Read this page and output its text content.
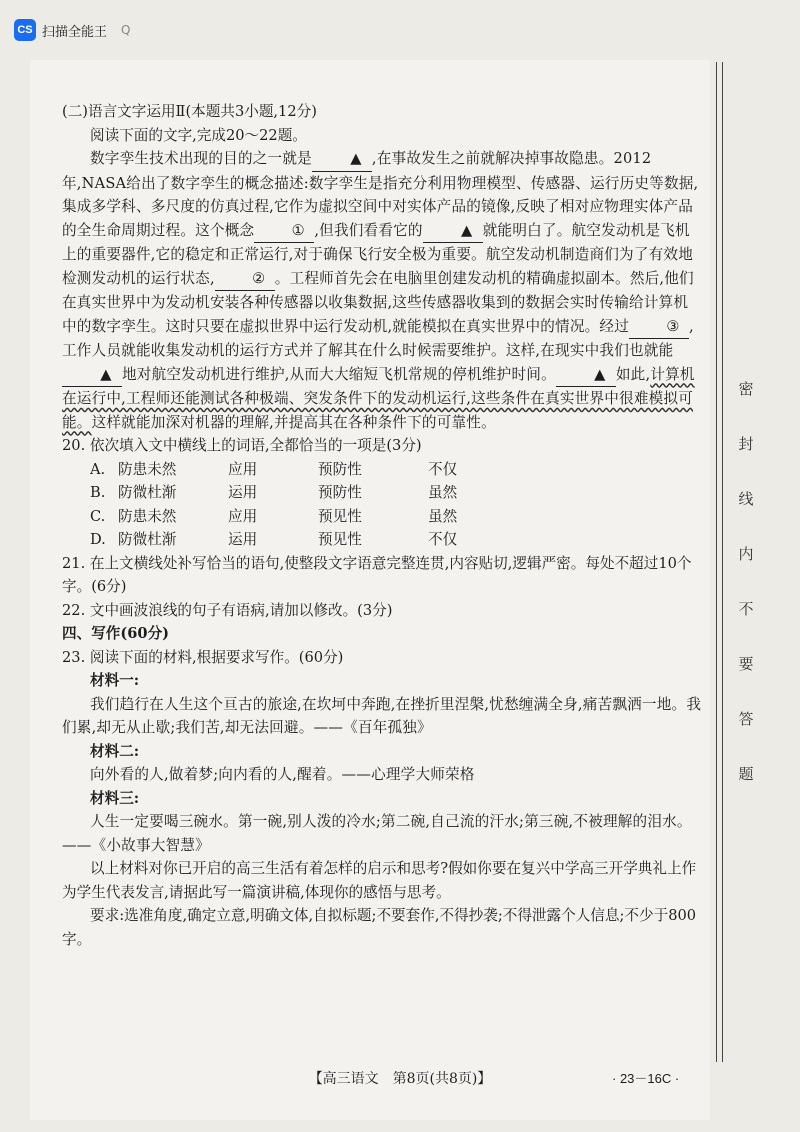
CS 扫描全能王 Q
密
封
线
内
不
要
答
题

(二)语言文字运用Ⅱ(本题共3小题,12分)

阅读下面的文字,完成20～22题。

数字孪生技术出现的目的之一就是	▲ ,在事故发生之前就解决掉事故隐患。2012年,NASA给出了数字孪生的概念描述:数字孪生是指充分利用物理模型、传感器、运行历史等数据,集成多学科、多尺度的仿真过程,它作为虚拟空间中对实体产品的镜像,反映了相对应物理实体产品的全生命周期过程。这个概念	① ,但我们看看它的	▲ 就能明白了。航空发动机是飞机上的重要器件,它的稳定和正常运行,对于确保飞行安全极为重要。航空发动机制造商们为了有效地检测发动机的运行状态,	② 。工程师首先会在电脑里创建发动机的精确虚拟副本。然后,他们在真实世界中为发动机安装各种传感器以收集数据,这些传感器收集到的数据会实时传输给计算机中的数字孪生。这时只要在虚拟世界中运行发动机,就能模拟在真实世界中的情况。经过	③ ,工作人员就能收集发动机的运行方式并了解其在什么时候需要维护。这样,在现实中我们也就能▲ 地对航空发动机进行维护,从而大大缩短飞机常规的停机维护时间。	▲ 如此,计算机在运行中,工程师还能测试各种极端、突发条件下的发动机运行,这些条件在真实世界中很难模拟可能。这样就能加深对机器的理解,并提高其在各种条件下的可靠性。

20. 依次填入文中横线上的词语,全都恰当的一项是(3分)

A. 防患未然	应用	预防性	不仅
B. 防微杜渐	运用	预防性	虽然
C. 防患未然	应用	预见性	虽然
D. 防微杜渐	运用	预见性	不仅

21. 在上文横线处补写恰当的语句,使整段文字语意完整连贯,内容贴切,逻辑严密。每处不超过10个字。(6分)

22. 文中画波浪线的句子有语病,请加以修改。(3分)

四、写作(60分)

23. 阅读下面的材料,根据要求写作。(60分)

材料一:

我们趋行在人生这个亘古的旅途,在坎坷中奔跑,在挫折里涅槃,忧愁缠满全身,痛苦飘洒一地。我们累,却无从止歇;我们苦,却无法回避。——《百年孤独》

材料二:

向外看的人,做着梦;向内看的人,醒着。——心理学大师荣格

材料三:

人生一定要喝三碗水。第一碗,别人泼的冷水;第二碗,自己流的汗水;第三碗,不被理解的泪水。——《小故事大智慧》

以上材料对你已开启的高三生活有着怎样的启示和思考?假如你要在复兴中学高三开学典礼上作为学生代表发言,请据此写一篇演讲稿,体现你的感悟与思考。

要求:选准角度,确定立意,明确文体,自拟标题;不要套作,不得抄袭;不得泄露个人信息;不少于800字。

【高三语文　第8页(共8页)】	· 23－16C ·
